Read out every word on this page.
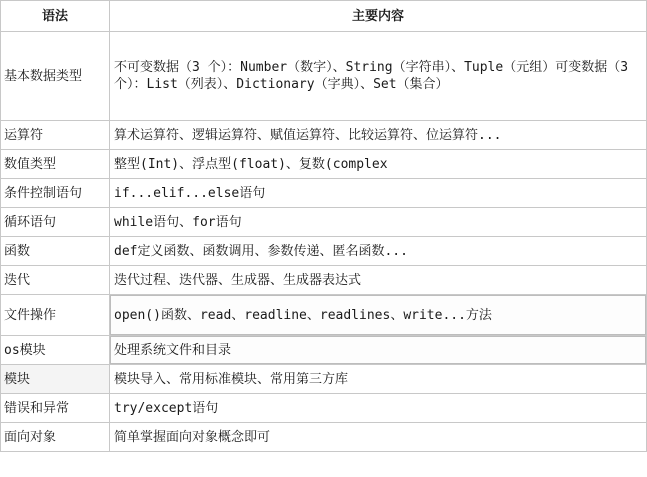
语法	主要内容
基本数据类型	不可变数据（3 个）：Number（数字）、String（字符串）、Tuple（元组）可变数据（3 个）：List（列表）、Dictionary（字典）、Set（集合）
运算符	算术运算符、逻辑运算符、赋值运算符、比较运算符、位运算符...
数值类型	整型(Int)、浮点型(float)、复数(complex
条件控制语句	if...elif...else语句
循环语句	while语句、for语句
函数	def定义函数、函数调用、参数传递、匿名函数...
迭代	迭代过程、迭代器、生成器、生成器表达式
文件操作	open()函数、read、readline、readlines、write...方法
os模块	处理系统文件和目录
模块	模块导入、常用标准模块、常用第三方库
错误和异常	try/except语句
面向对象	简单掌握面向对象概念即可
